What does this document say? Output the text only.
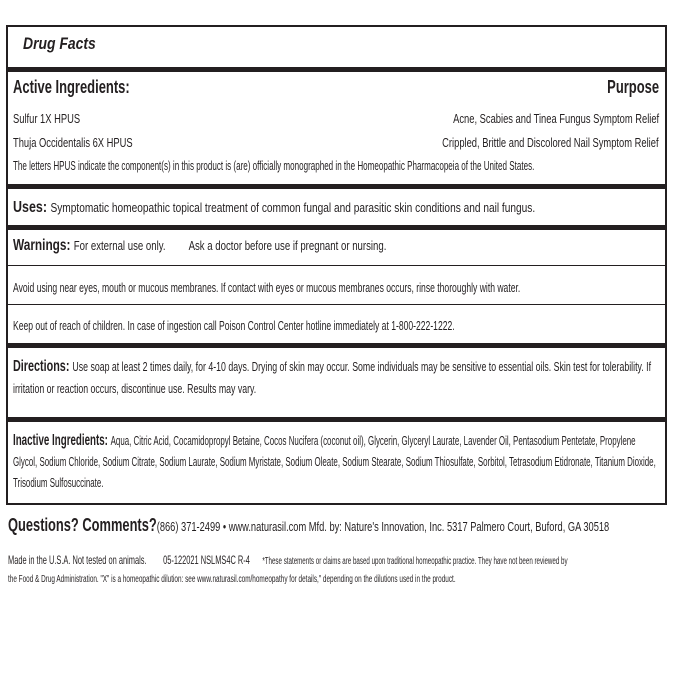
Drug Facts
Active Ingredients:	Purpose
Sulfur 1X HPUS	Acne, Scabies and Tinea Fungus Symptom Relief
Thuja Occidentalis 6X HPUS	Crippled, Brittle and Discolored Nail Symptom Relief
The letters HPUS indicate the component(s) in this product is (are) officially monographed in the Homeopathic Pharmacopeia of the United States.
Uses: Symptomatic homeopathic topical treatment of common fungal and parasitic skin conditions and nail fungus.
Warnings: For external use only. Ask a doctor before use if pregnant or nursing.
Avoid using near eyes, mouth or mucous membranes. If contact with eyes or mucous membranes occurs, rinse thoroughly with water.
Keep out of reach of children. In case of ingestion call Poison Control Center hotline immediately at 1-800-222-1222.
Directions: Use soap at least 2 times daily, for 4-10 days. Drying of skin may occur. Some individuals may be sensitive to essential oils. Skin test for tolerability. If irritation or reaction occurs, discontinue use. Results may vary.
Inactive Ingredients: Aqua, Citric Acid, Cocamidopropyl Betaine, Cocos Nucifera (coconut oil), Glycerin, Glyceryl Laurate, Lavender Oil, Pentasodium Pentetate, Propylene Glycol, Sodium Chloride, Sodium Citrate, Sodium Laurate, Sodium Myristate, Sodium Oleate, Sodium Stearate, Sodium Thiosulfate, Sorbitol, Tetrasodium Etidronate, Titanium Dioxide, Trisodium Sulfosuccinate.
Questions? Comments?(866) 371-2499 • www.naturasil.com Mfd. by: Nature's Innovation, Inc. 5317 Palmero Court, Buford, GA 30518
Made in the U.S.A. Not tested on animals. 05-122021 NSLMS4C R-4 *These statements or claims are based upon traditional homeopathic practice. They have not been reviewed by
the Food & Drug Administration. "X" is a homeopathic dilution: see www.naturasil.com/homeopathy for details," depending on the dilutions used in the product.
